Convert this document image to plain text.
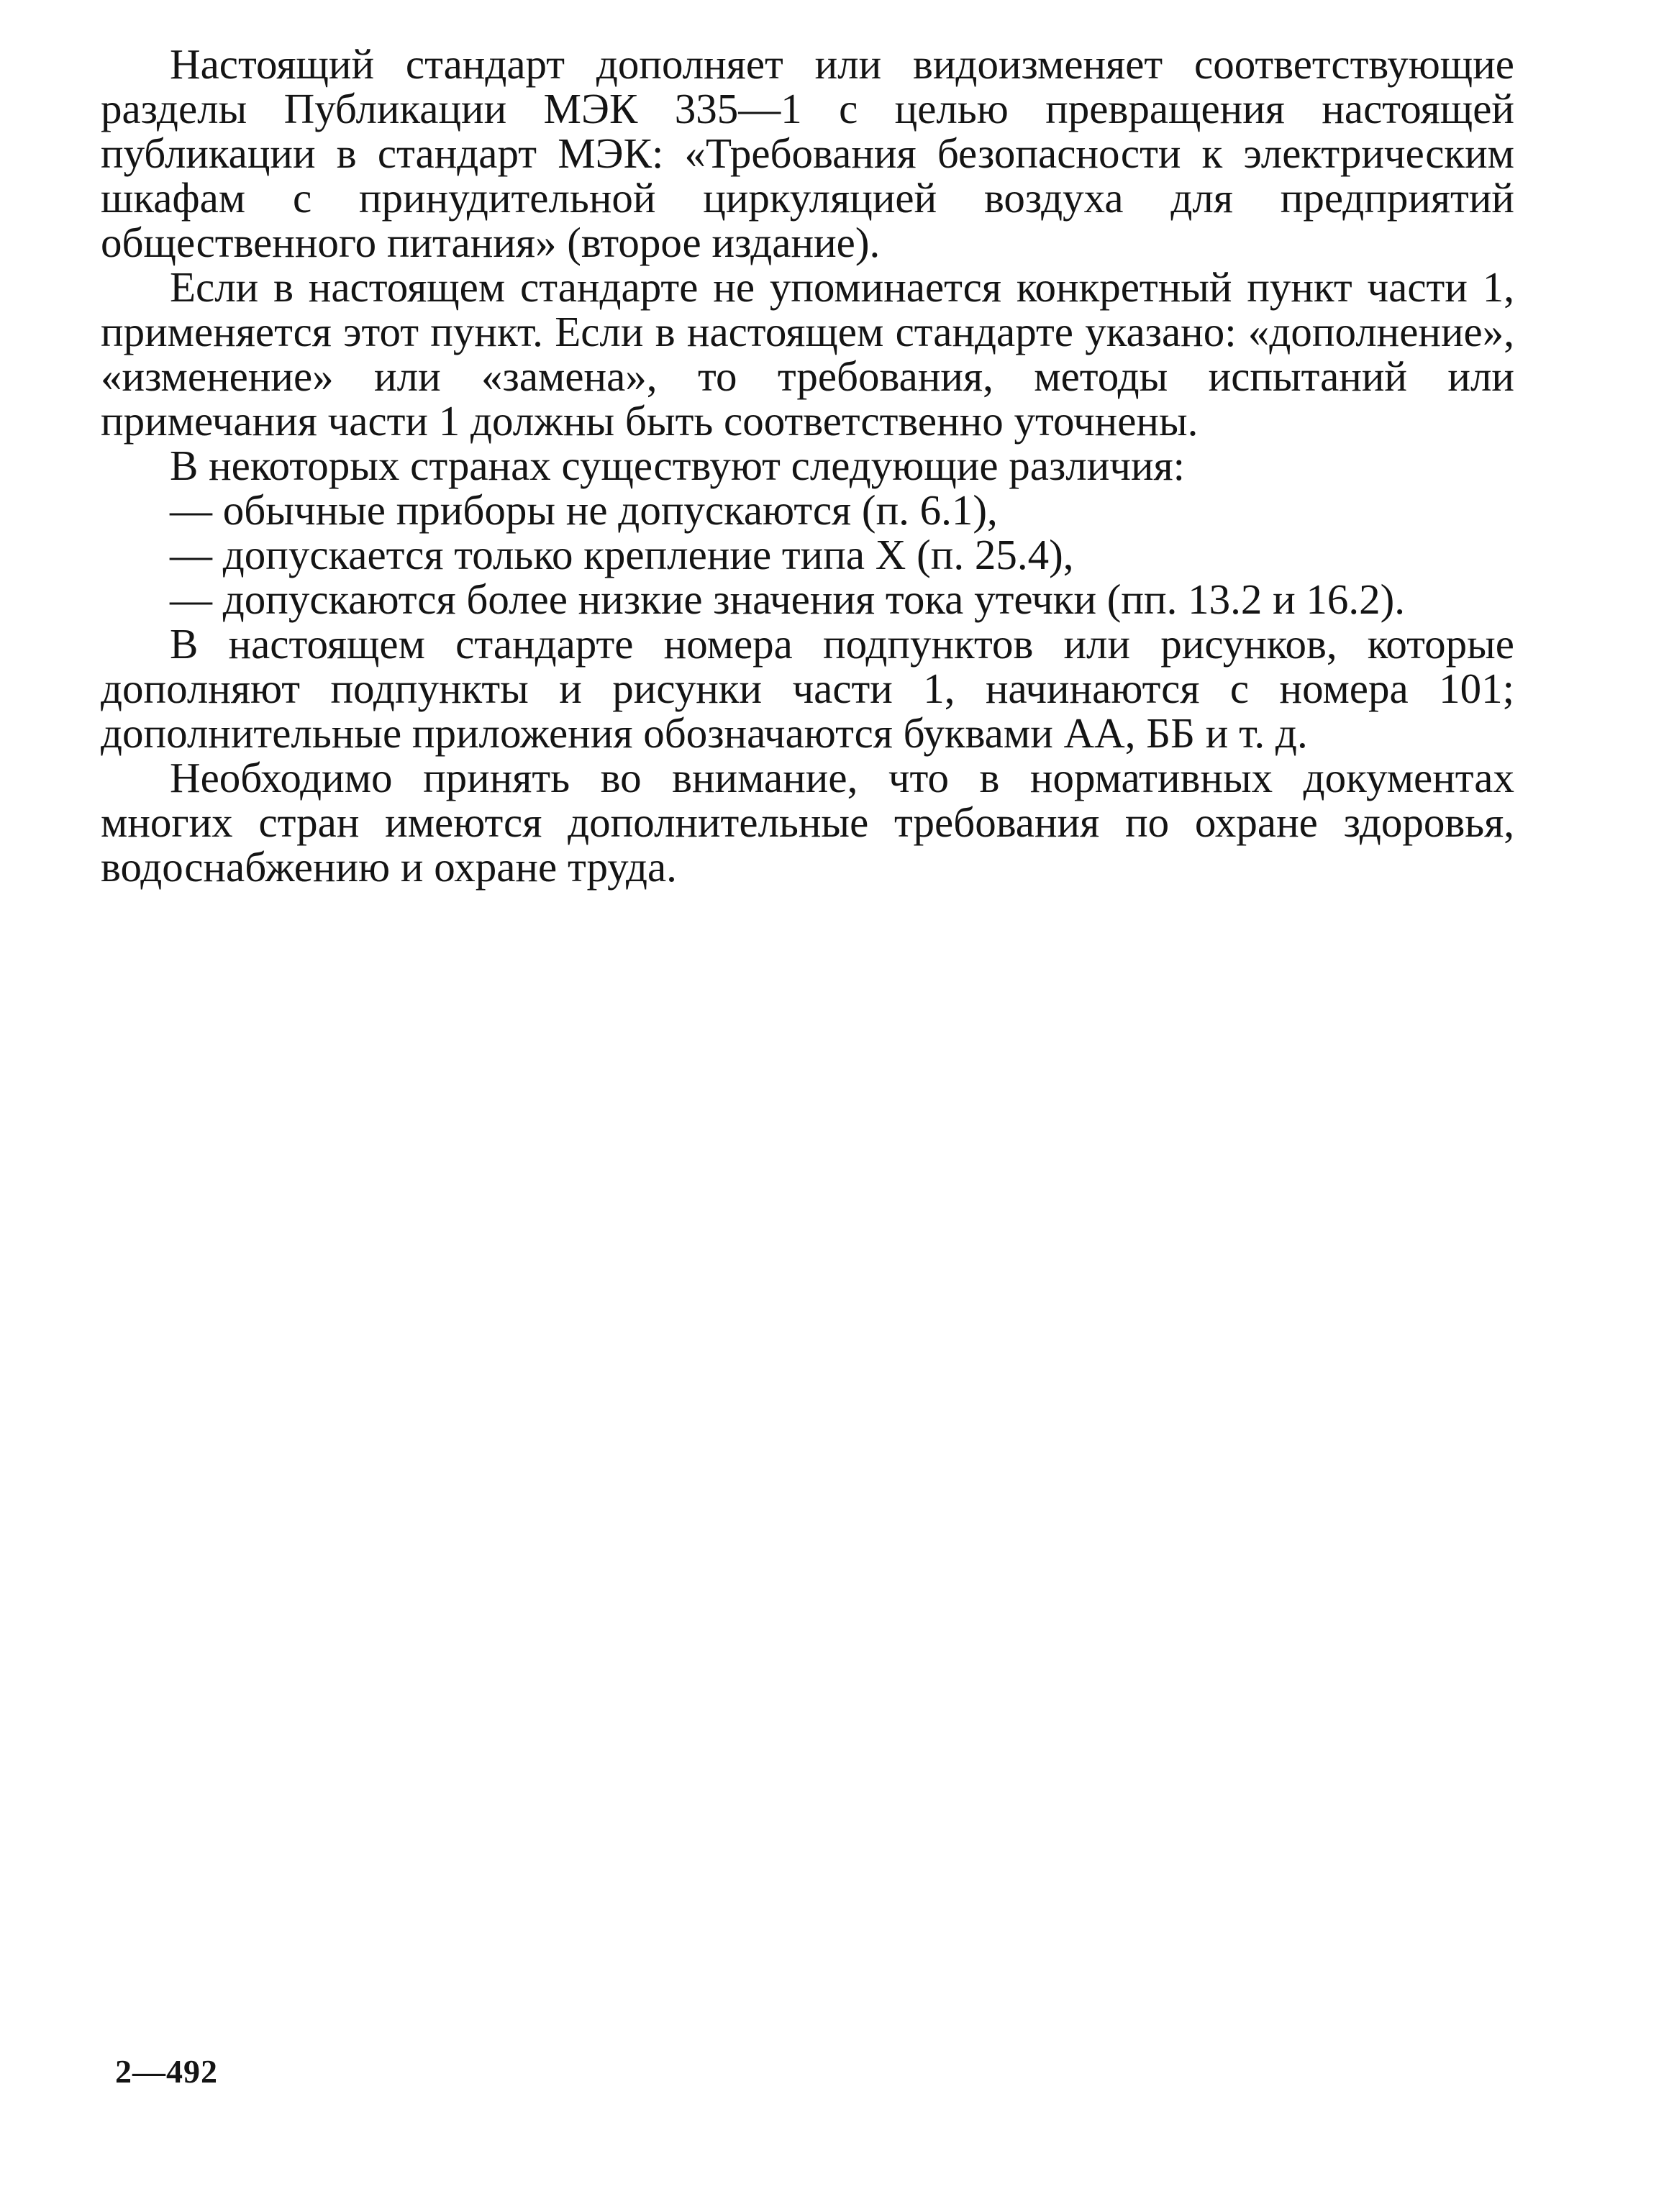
Настоящий стандарт дополняет или видоизменяет соответствующие разделы Публикации МЭК 335—1 с целью превращения настоящей публикации в стандарт МЭК: «Требования безопасности к электрическим шкафам с принудительной циркуляцией воздуха для предприятий общественного питания» (второе издание).

Если в настоящем стандарте не упоминается конкретный пункт части 1, применяется этот пункт. Если в настоящем стандарте указано: «дополнение», «изменение» или «замена», то требования, методы испытаний или примечания части 1 должны быть соответственно уточнены.

В некоторых странах существуют следующие различия:

— обычные приборы не допускаются (п. 6.1),

— допускается только крепление типа X (п. 25.4),

— допускаются более низкие значения тока утечки (пп. 13.2 и 16.2).

В настоящем стандарте номера подпунктов или рисунков, которые дополняют подпункты и рисунки части 1, начинаются с номера 101; дополнительные приложения обозначаются буквами АА, ББ и т. д.

Необходимо принять во внимание, что в нормативных документах многих стран имеются дополнительные требования по охране здоровья, водоснабжению и охране труда.

2—492
